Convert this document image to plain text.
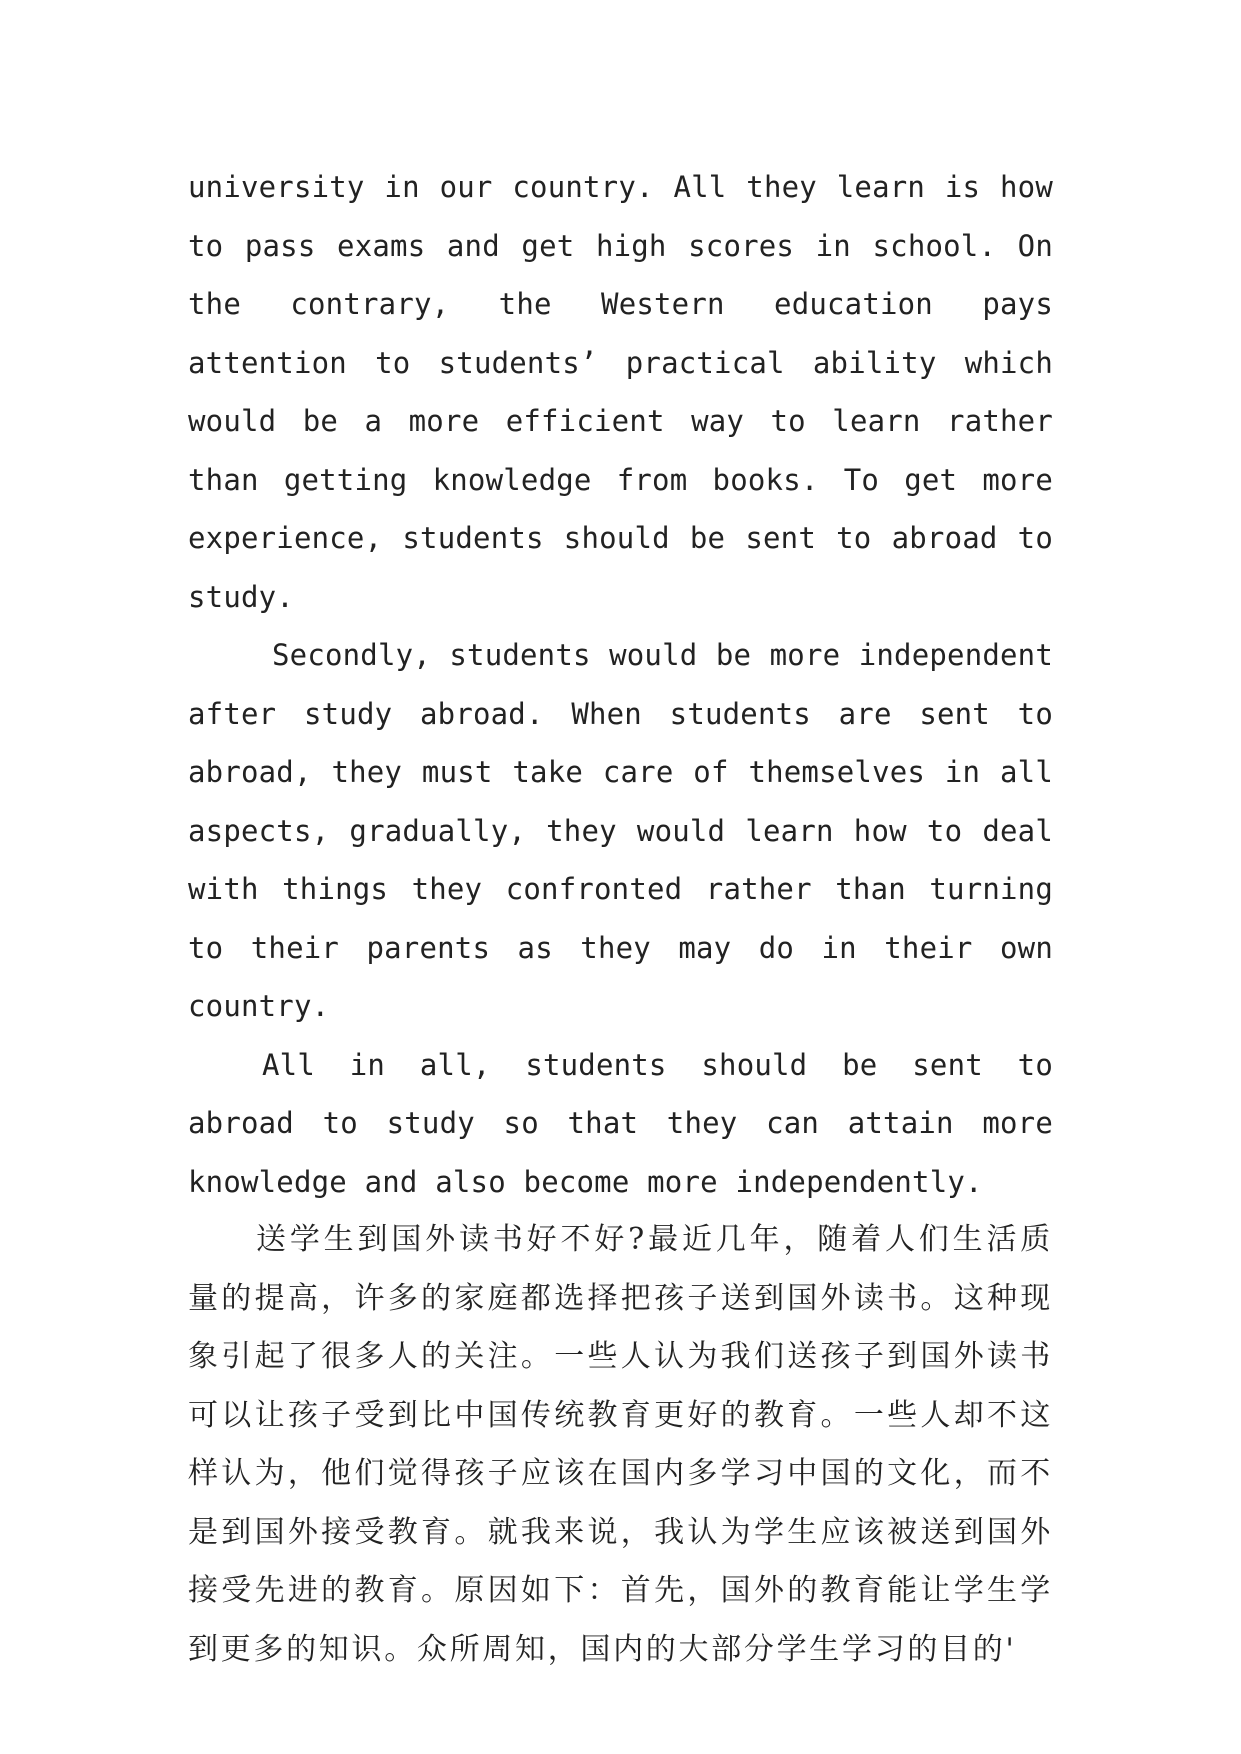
university in our country. All they learn is how to pass exams and get high scores in school. On the contrary, the Western education pays attention to students’ practical ability which would be a more efficient way to learn rather than getting knowledge from books. To get more experience, students should be sent to abroad to study.

Secondly, students would be more independent after study abroad. When students are sent to abroad, they must take care of themselves in all aspects, gradually, they would learn how to deal with things they confronted rather than turning to their parents as they may do in their own country.

All in all, students should be sent to abroad to study so that they can attain more knowledge and also become more independently.

送学生到国外读书好不好?最近几年，随着人们生活质量的提高，许多的家庭都选择把孩子送到国外读书。这种现象引起了很多人的关注。一些人认为我们送孩子到国外读书可以让孩子受到比中国传统教育更好的教育。一些人却不这样认为，他们觉得孩子应该在国内多学习中国的文化，而不是到国外接受教育。就我来说，我认为学生应该被送到国外接受先进的教育。原因如下：首先，国外的教育能让学生学到更多的知识。众所周知，国内的大部分学生学习的目的'
